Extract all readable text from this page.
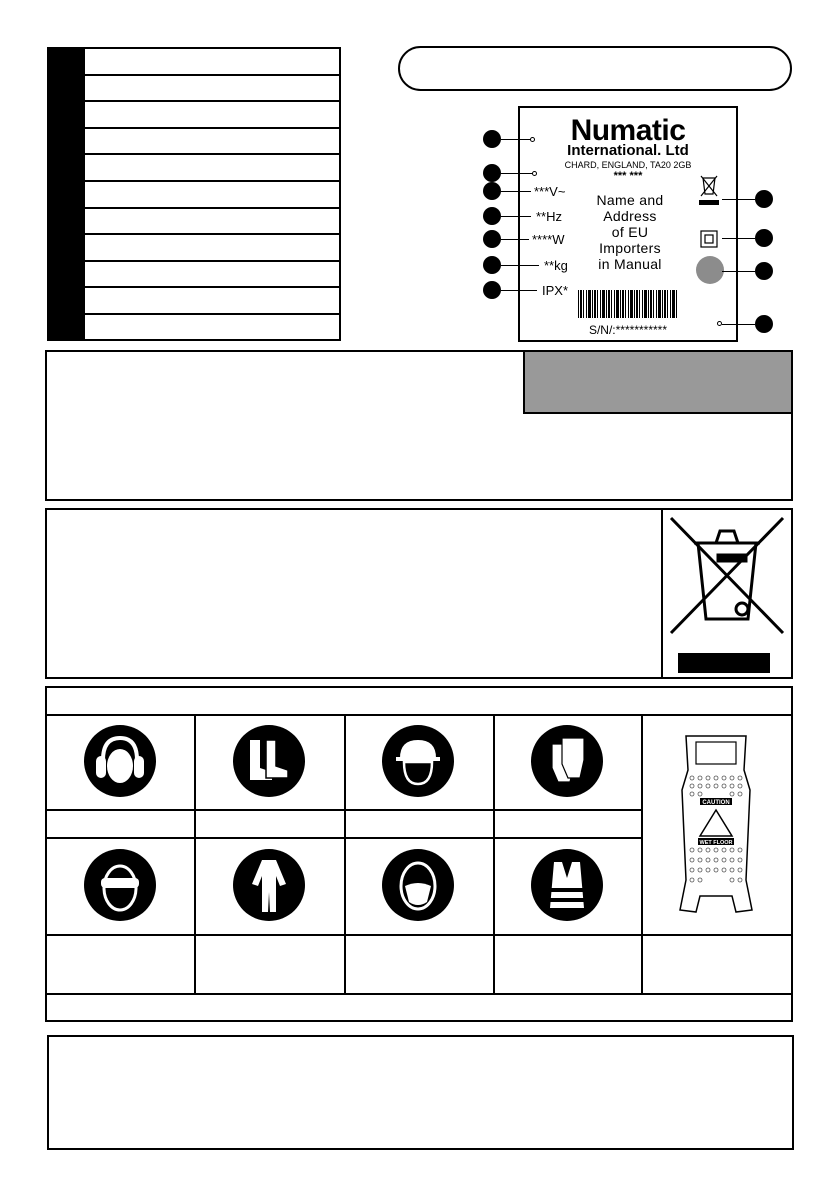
Numatic
International. Ltd
CHARD, ENGLAND, TA20 2GB
*** ***
Name and
Address
of EU
Importers
in Manual
***V~
**Hz
****W
**kg
IPX*
S/N/:***********
CAUTION
WET FLOOR
